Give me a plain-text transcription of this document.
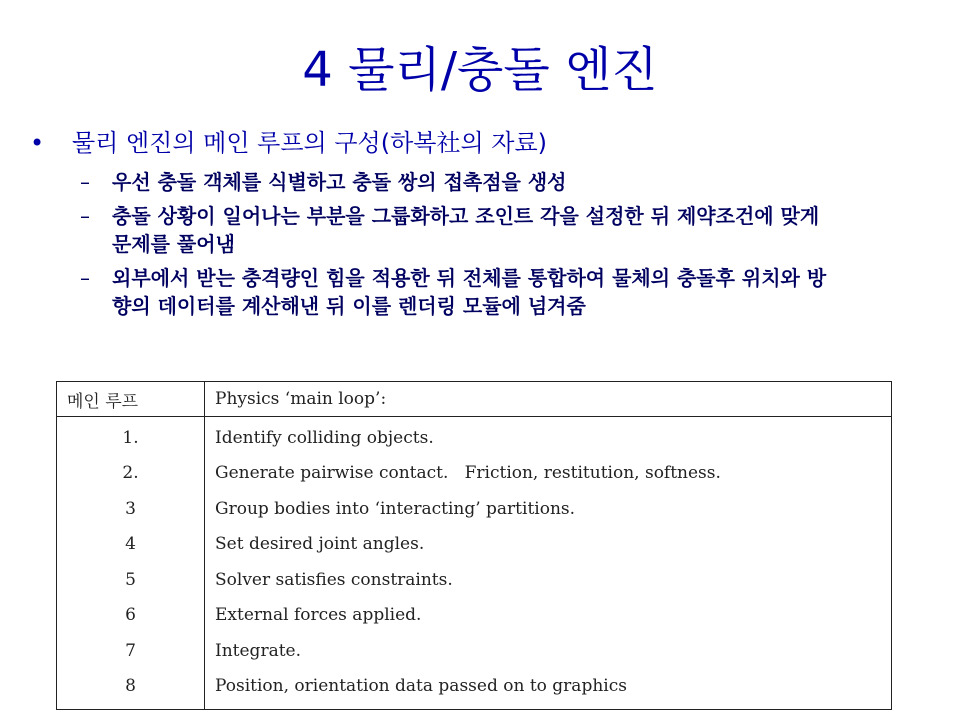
4 물리/충돌 엔진
• 물리 엔진의 메인 루프의 구성(하복社의 자료)
– 우선 충돌 객체를 식별하고 충돌 쌍의 접촉점을 생성
– 충돌 상황이 일어나는 부분을 그룹화하고 조인트 각을 설정한 뒤 제약조건에 맞게 문제를 풀어냄
– 외부에서 받는 충격량인 힘을 적용한 뒤 전체를 통합하여 물체의 충돌후 위치와 방향의 데이터를 계산해낸 뒤 이를 렌더링 모듈에 넘겨줌
메인 루프	Physics ‘main loop’:
1.	Identify colliding objects.
2.	Generate pairwise contact.   Friction, restitution, softness.
3	Group bodies into ‘interacting’ partitions.
4	Set desired joint angles.
5	Solver satisfies constraints.
6	External forces applied.
7	Integrate.
8	Position, orientation data passed on to graphics
